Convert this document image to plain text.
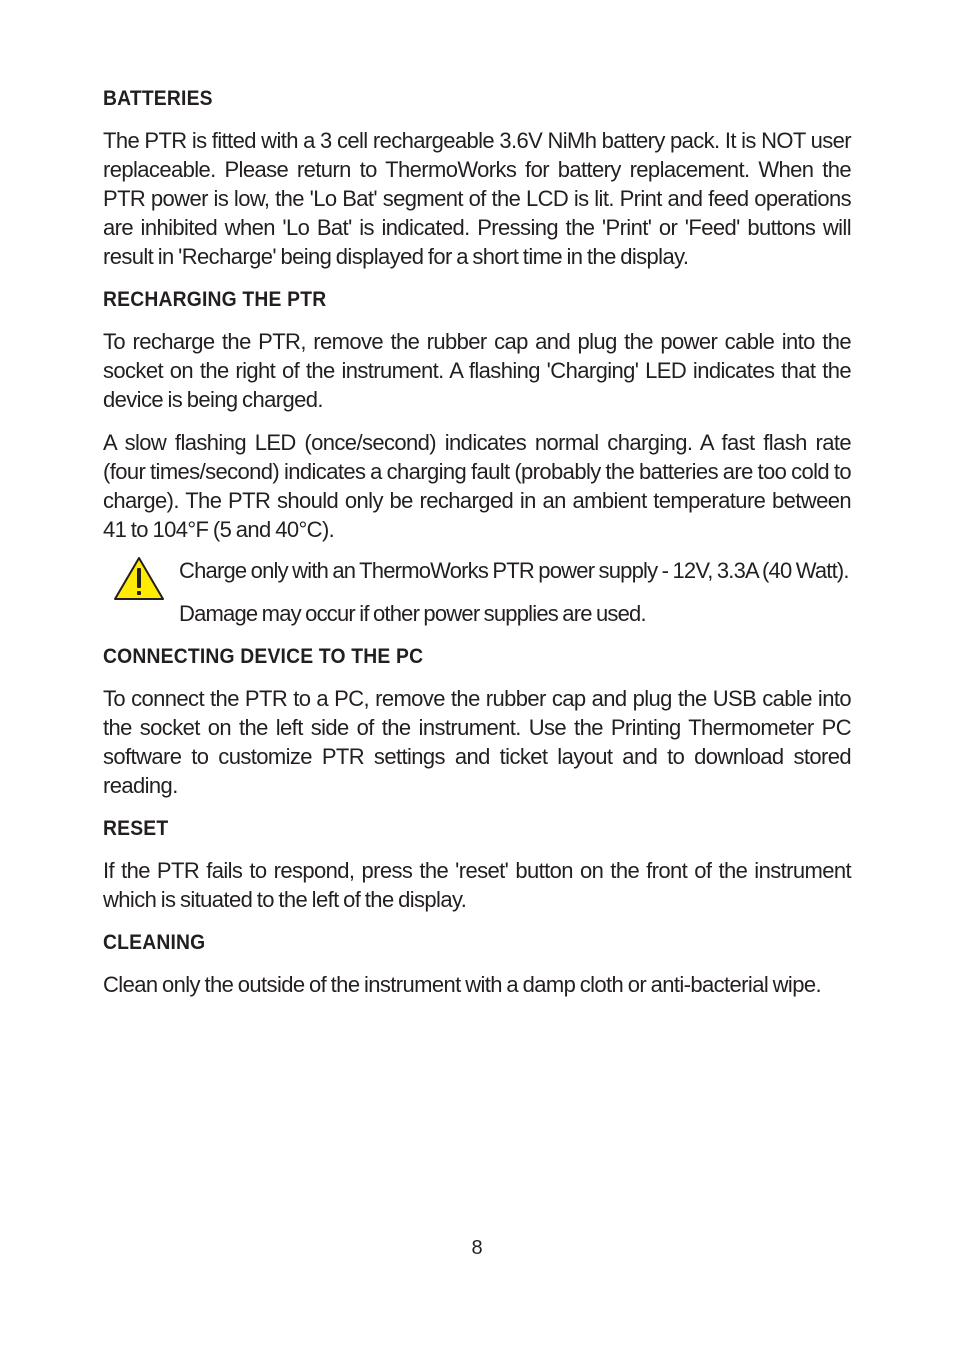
BATTERIES

The PTR is fitted with a 3 cell rechargeable 3.6V NiMh battery pack. It is NOT user replaceable. Please return to ThermoWorks for battery replacement. When the PTR power is low, the 'Lo Bat' segment of the LCD is lit. Print and feed operations are inhibited when 'Lo Bat' is indicated. Pressing the 'Print' or 'Feed' buttons will result in 'Recharge' being displayed for a short time in the display.

RECHARGING THE PTR

To recharge the PTR, remove the rubber cap and plug the power cable into the socket on the right of the instrument. A flashing 'Charging' LED indicates that the device is being charged.

A slow flashing LED (once/second) indicates normal charging. A fast flash rate (four times/second) indicates a charging fault (probably the batteries are too cold to charge). The PTR should only be recharged in an ambient temperature between 41 to 104°F (5 and 40°C).

Charge only with an ThermoWorks PTR power supply - 12V, 3.3A (40 Watt).

Damage may occur if other power supplies are used.

CONNECTING DEVICE TO THE PC

To connect the PTR to a PC, remove the rubber cap and plug the USB cable into the socket on the left side of the instrument. Use the Printing Thermometer PC software to customize PTR settings and ticket layout and to download stored reading.

RESET

If the PTR fails to respond, press the 'reset' button on the front of the instrument which is situated to the left of the display.

CLEANING

Clean only the outside of the instrument with a damp cloth or anti-bacterial wipe.

8
